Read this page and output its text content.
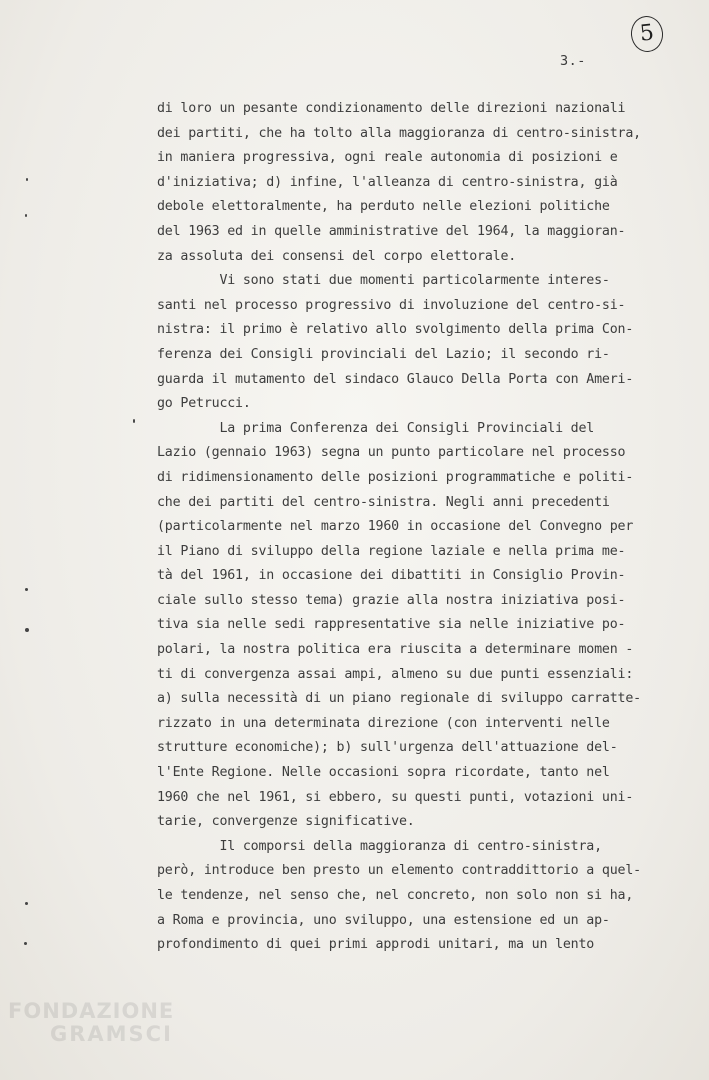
5
3.-
di loro un pesante condizionamento delle direzioni nazionali
dei partiti, che ha tolto alla maggioranza di centro-sinistra,
in maniera progressiva, ogni reale autonomia di posizioni e
d'iniziativa; d) infine, l'alleanza di centro-sinistra, già
debole elettoralmente, ha perduto nelle elezioni politiche
del 1963 ed in quelle amministrative del 1964, la maggioran-
za assoluta dei consensi del corpo elettorale.
Vi sono stati due momenti particolarmente interes-
santi nel processo progressivo di involuzione del centro-si-
nistra: il primo è relativo allo svolgimento della prima Con-
ferenza dei Consigli provinciali del Lazio; il secondo ri-
guarda il mutamento del sindaco Glauco Della Porta con Ameri-
go Petrucci.
La prima Conferenza dei Consigli Provinciali del
Lazio (gennaio 1963) segna un punto particolare nel processo
di ridimensionamento delle posizioni programmatiche e politi-
che dei partiti del centro-sinistra. Negli anni precedenti
(particolarmente nel marzo 1960 in occasione del Convegno per
il Piano di sviluppo della regione laziale e nella prima me-
tà del 1961, in occasione dei dibattiti in Consiglio Provin-
ciale sullo stesso tema) grazie alla nostra iniziativa posi-
tiva sia nelle sedi rappresentative sia nelle iniziative po-
polari, la nostra politica era riuscita a determinare momen -
ti di convergenza assai ampi, almeno su due punti essenziali:
a) sulla necessità di un piano regionale di sviluppo carratte-
rizzato in una determinata direzione (con interventi nelle
strutture economiche); b) sull'urgenza dell'attuazione del-
l'Ente Regione. Nelle occasioni sopra ricordate, tanto nel
1960 che nel 1961, si ebbero, su questi punti, votazioni uni-
tarie, convergenze significative.
Il comporsi della maggioranza di centro-sinistra,
però, introduce ben presto un elemento contraddittorio a quel-
le tendenze, nel senso che, nel concreto, non solo non si ha,
a Roma e provincia, uno sviluppo, una estensione ed un ap-
profondimento di quei primi approdi unitari, ma un lento
FONDAZIONE
GRAMSCI
